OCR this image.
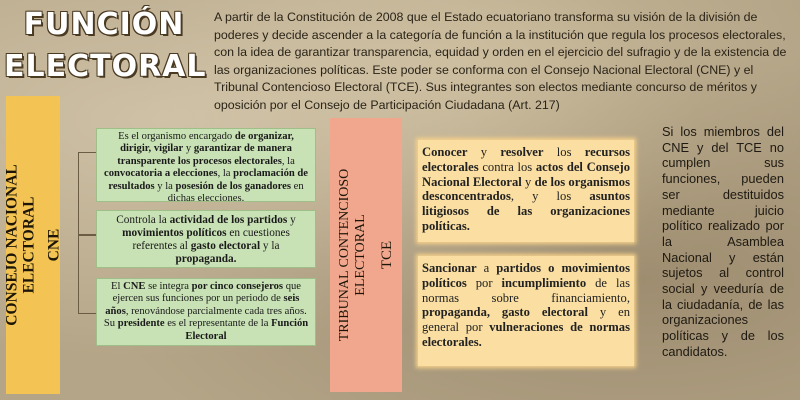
FUNCIÓN
ELECTORAL
A partir de la Constitución de 2008 que el Estado ecuatoriano transforma su visión de la división de poderes y decide ascender a la categoría de función a la institución que regula los procesos electorales, con la idea de garantizar transparencia, equidad y orden en el ejercicio del sufragio y de la existencia de las organizaciones políticas. Este poder se conforma con el Consejo Nacional Electoral (CNE) y el Tribunal Contencioso Electoral (TCE). Sus integrantes son electos mediante concurso de méritos y oposición por el Consejo de Participación Ciudadana (Art. 217)
CONSEJO NACIONAL ELECTORAL CNE
Es el organismo encargado de organizar, dirigir, vigilar y garantizar de manera transparente los procesos electorales, la convocatoria a elecciones, la proclamación de resultados y la posesión de los ganadores en dichas elecciones.
Controla la actividad de los partidos y movimientos políticos en cuestiones referentes al gasto electoral y la propaganda.
El CNE se integra por cinco consejeros que ejercen sus funciones por un periodo de seis años, renovándose parcialmente cada tres años. Su presidente es el representante de la Función Electoral	TRIBUNAL CONTENCIOSO ELECTORAL TCE
Conocer y resolver los recursos electorales contra los actos del Consejo Nacional Electoral y de los organismos desconcentrados, y los asuntos litigiosos de las organizaciones políticas.
Sancionar a partidos o movimientos políticos por incumplimiento de las normas sobre financiamiento, propaganda, gasto electoral y en general por vulneraciones de normas electorales.
Si los miembros del CNE y del TCE no cumplen sus funciones, pueden ser destituidos mediante juicio político realizado por la Asamblea Nacional y están sujetos al control social y veeduría de la ciudadanía, de las organizaciones políticas y de los candidatos.
